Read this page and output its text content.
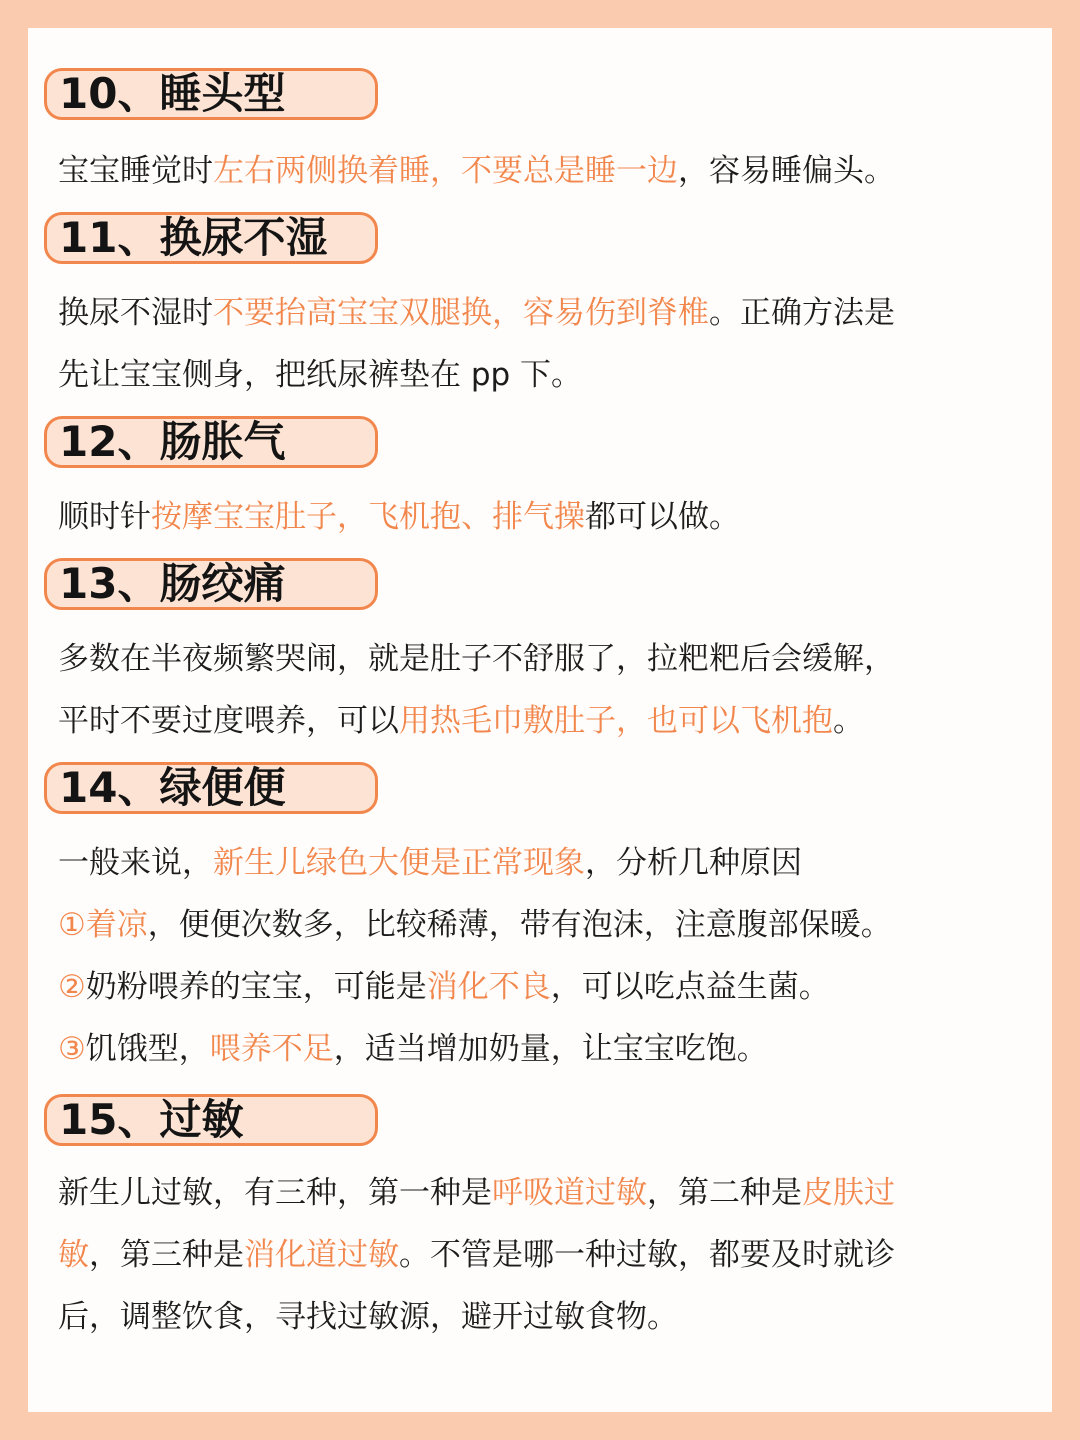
10、睡头型
宝宝睡觉时左右两侧换着睡，不要总是睡一边，容易睡偏头。
11、换尿不湿
换尿不湿时不要抬高宝宝双腿换，容易伤到脊椎。正确方法是
先让宝宝侧身，把纸尿裤垫在 pp 下。
12、肠胀气
顺时针按摩宝宝肚子，飞机抱、排气操都可以做。
13、肠绞痛
多数在半夜频繁哭闹，就是肚子不舒服了，拉粑粑后会缓解，
平时不要过度喂养，可以用热毛巾敷肚子，也可以飞机抱。
14、绿便便
一般来说，新生儿绿色大便是正常现象，分析几种原因
①着凉，便便次数多，比较稀薄，带有泡沫，注意腹部保暖。
②奶粉喂养的宝宝，可能是消化不良，可以吃点益生菌。
③饥饿型，喂养不足，适当增加奶量，让宝宝吃饱。
15、过敏
新生儿过敏，有三种，第一种是呼吸道过敏，第二种是皮肤过
敏，第三种是消化道过敏。不管是哪一种过敏，都要及时就诊
后，调整饮食，寻找过敏源，避开过敏食物。
